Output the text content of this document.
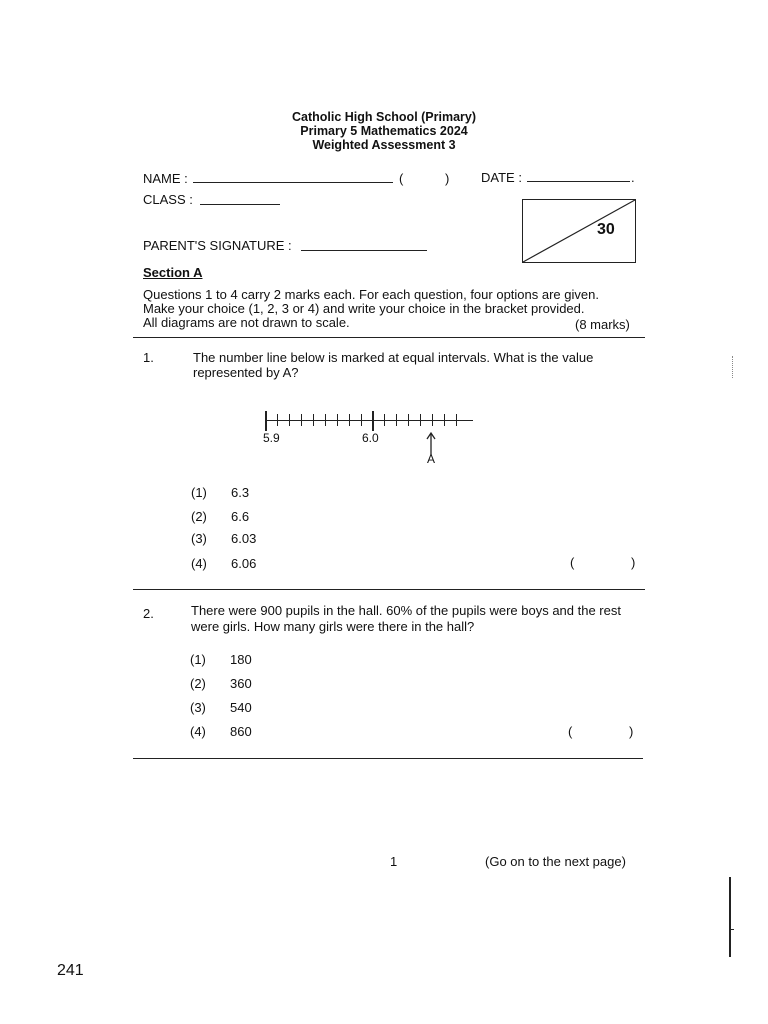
Catholic High School (Primary)
Primary 5 Mathematics 2024
Weighted Assessment 3
NAME :	(	) DATE :	.
CLASS :
30
PARENT'S SIGNATURE :
Section A
Questions 1 to 4 carry 2 marks each. For each question, four options are given.
Make your choice (1, 2, 3 or 4) and write your choice in the bracket provided.
All diagrams are not drawn to scale.	(8 marks)
1.	The number line below is marked at equal intervals. What is the value
represented by A?
5.9	6.0
A
(1) 6.3
(2) 6.6
(3) 6.03
(4) 6.06	(	)
2.	There were 900 pupils in the hall. 60% of the pupils were boys and the rest
were girls. How many girls were there in the hall?
(1) 180
(2) 360
(3) 540
(4) 860	(	)
1	(Go on to the next page)
241
